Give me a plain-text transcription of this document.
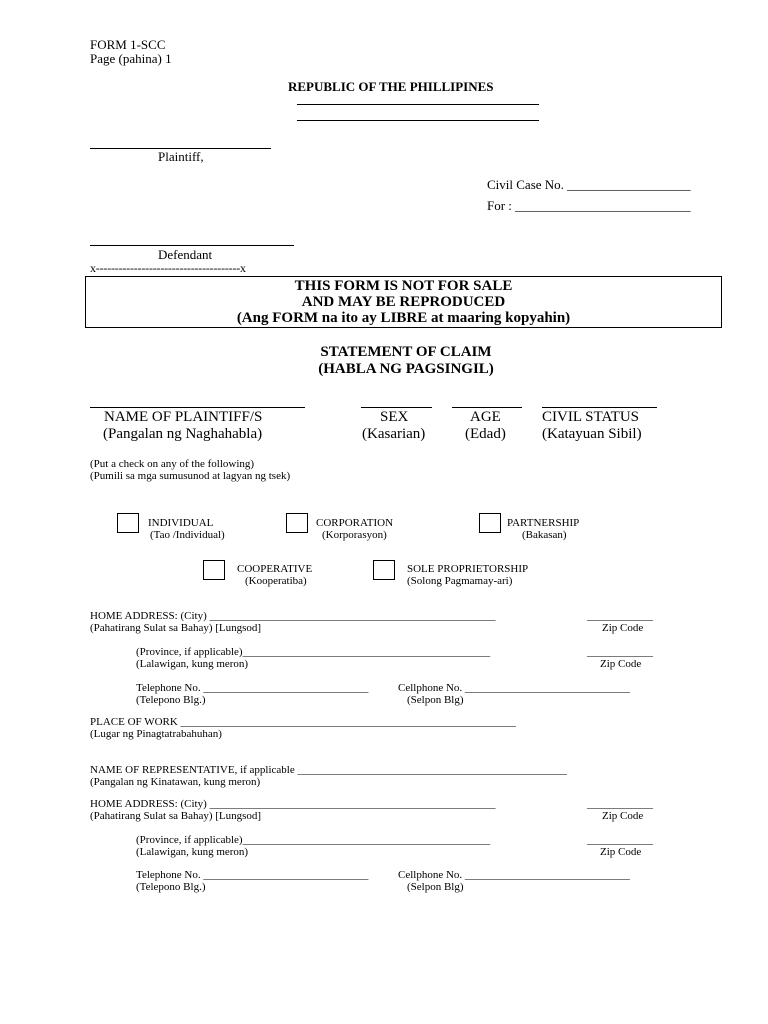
FORM 1-SCC
Page (pahina) 1
REPUBLIC OF THE PHILLIPINES
Plaintiff,
Civil Case No. ___________________
For : ___________________________
Defendant
x--------------------------------------x
THIS FORM IS NOT FOR SALE
AND MAY BE REPRODUCED
(Ang FORM na ito ay LIBRE at maaring kopyahin)
STATEMENT OF CLAIM
(HABLA NG PAGSINGIL)
NAME OF PLAINTIFF/S
(Pangalan ng Naghahabla)
SEX
(Kasarian)
AGE
(Edad)
CIVIL STATUS
(Katayuan Sibil)
(Put a check on any of the following)
(Pumili sa mga sumusunod at lagyan ng tsek)
INDIVIDUAL
(Tao /Individual)
CORPORATION
(Korporasyon)
PARTNERSHIP
(Bakasan)
COOPERATIVE
(Kooperatiba)
SOLE PROPRIETORSHIP
(Solong Pagmamay-ari)
HOME ADDRESS: (City) ____________________________________________________
(Pahatirang Sulat sa Bahay) [Lungsod]
____________
Zip Code
(Province, if applicable)_____________________________________________
(Lalawigan, kung meron)
____________
Zip Code
Telephone No. ______________________________
(Telepono Blg.)
Cellphone No. ______________________________
(Selpon Blg)
PLACE OF WORK _____________________________________________________________
(Lugar ng Pinagtatrabahuhan)
NAME OF REPRESENTATIVE, if applicable _________________________________________________
(Pangalan ng Kinatawan, kung meron)
HOME ADDRESS: (City) ____________________________________________________
(Pahatirang Sulat sa Bahay) [Lungsod]
____________
Zip Code
(Province, if applicable)_____________________________________________
(Lalawigan, kung meron)
____________
Zip Code
Telephone No. ______________________________
(Telepono Blg.)
Cellphone No. ______________________________
(Selpon Blg)
